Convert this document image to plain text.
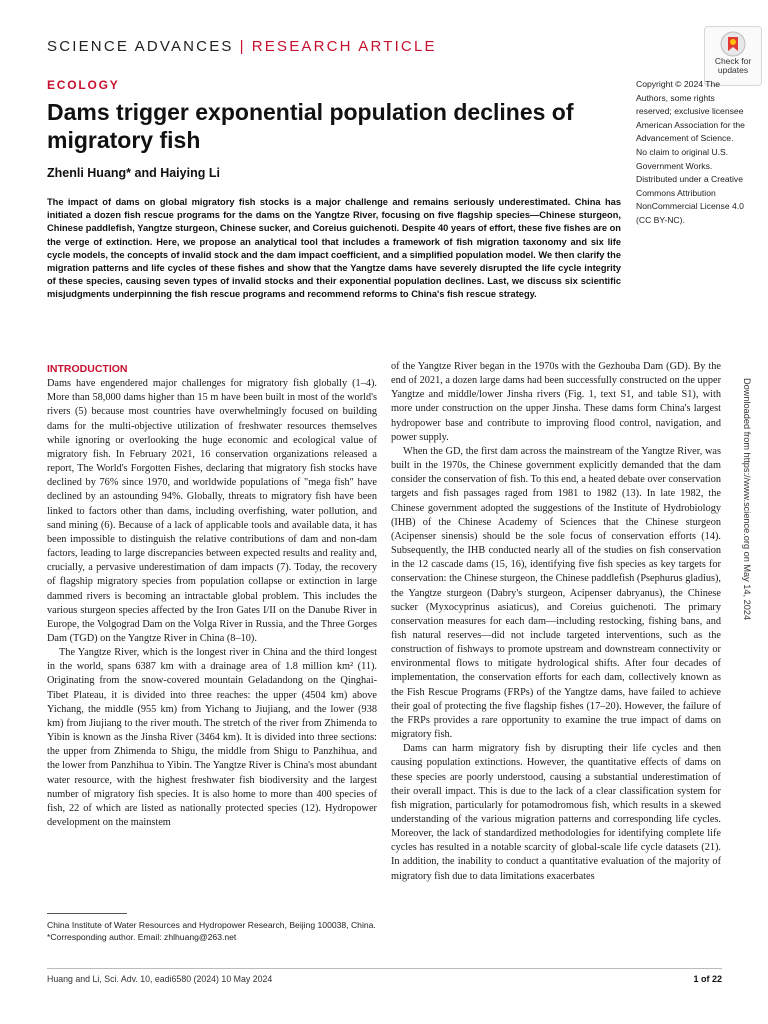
SCIENCE ADVANCES | RESEARCH ARTICLE
Check for
updates
ECOLOGY
Dams trigger exponential population declines of migratory fish
Zhenli Huang* and Haiying Li
Copyright © 2024 The Authors, some rights reserved; exclusive licensee American Association for the Advancement of Science. No claim to original U.S. Government Works. Distributed under a Creative Commons Attribution NonCommercial License 4.0 (CC BY-NC).

The impact of dams on global migratory fish stocks is a major challenge and remains seriously underestimated. China has initiated a dozen fish rescue programs for the dams on the Yangtze River, focusing on five flagship species—Chinese sturgeon, Chinese paddlefish, Yangtze sturgeon, Chinese sucker, and Coreius guichenoti. Despite 40 years of effort, these five fishes are on the verge of extinction. Here, we propose an analytical tool that includes a framework of fish migration taxonomy and six life cycle models, the concepts of invalid stock and the dam impact coefficient, and a simplified population model. We then clarify the migration patterns and life cycles of these fishes and show that the Yangtze dams have severely disrupted the life cycle integrity of these species, causing seven types of invalid stocks and their exponential population declines. Last, we discuss six scientific misjudgments underpinning the fish rescue programs and recommend reforms to China's fish rescue strategy.

INTRODUCTION

Dams have engendered major challenges for migratory fish globally (1–4). More than 58,000 dams higher than 15 m have been built in most of the world's rivers (5) because most countries have overwhelmingly focused on building dams for the multi-objective utilization of freshwater resources themselves while ignoring or overlooking the huge economic and ecological value of migratory fish. In February 2021, 16 conservation organizations released a report, The World's Forgotten Fishes, declaring that migratory fish stocks have declined by 76% since 1970, and worldwide populations of "mega fish" have declined by an astounding 94%. Globally, threats to migratory fish have been linked to factors other than dams, including overfishing, water pollution, and sand mining (6). Because of a lack of applicable tools and available data, it has been impossible to distinguish the relative contributions of dam and non-dam factors, leading to large discrepancies between expected results and reality and, crucially, a pervasive underestimation of dam impacts (7). Today, the recovery of flagship migratory species from population collapse or extinction in large dammed rivers is becoming an intractable global problem. This includes the various sturgeon species affected by the Iron Gates I/II on the Danube River in Europe, the Volgograd Dam on the Volga River in Russia, and the Three Gorges Dam (TGD) on the Yangtze River in China (8–10).

The Yangtze River, which is the longest river in China and the third longest in the world, spans 6387 km with a drainage area of 1.8 million km² (11). Originating from the snow-covered mountain Geladandong on the Qinghai-Tibet Plateau, it is divided into three reaches: the upper (4504 km) above Yichang, the middle (955 km) from Yichang to Jiujiang, and the lower (938 km) from Jiujiang to the river mouth. The stretch of the river from Zhimenda to Yibin is known as the Jinsha River (3464 km). It is divided into three sections: the upper from Zhimenda to Shigu, the middle from Shigu to Panzhihua, and the lower from Panzhihua to Yibin. The Yangtze River is China's most abundant water resource, with the highest freshwater fish biodiversity and the largest number of migratory fish species. It is also home to more than 400 species of fish, 22 of which are listed as nationally protected species (12). Hydropower development on the mainstem

of the Yangtze River began in the 1970s with the Gezhouba Dam (GD). By the end of 2021, a dozen large dams had been successfully constructed on the upper Yangtze and middle/lower Jinsha rivers (Fig. 1, text S1, and table S1), with more under construction on the upper Jinsha. These dams form China's largest hydropower base and contribute to improving flood control, navigation, and power supply.

When the GD, the first dam across the mainstream of the Yangtze River, was built in the 1970s, the Chinese government explicitly demanded that the dam consider the conservation of fish. To this end, a heated debate over conservation targets and fish passages raged from 1981 to 1982 (13). In late 1982, the Chinese government adopted the suggestions of the Institute of Hydrobiology (IHB) of the Chinese Academy of Sciences that the Chinese sturgeon (Acipenser sinensis) should be the sole focus of conservation efforts (14). Subsequently, the IHB conducted nearly all of the studies on fish conservation in the 12 cascade dams (15, 16), identifying five fish species as key targets for conservation: the Chinese sturgeon, the Chinese paddlefish (Psephurus gladius), the Yangtze sturgeon (Dabry's sturgeon, Acipenser dabryanus), the Chinese sucker (Myxocyprinus asiaticus), and Coreius guichenoti. The primary conservation measures for each dam—including restocking, fishing bans, and fish natural reserves—did not include targeted interventions, such as the construction of fishways to promote upstream and downstream connectivity or environmental flows to mitigate hydrological shifts. After four decades of implementation, the conservation efforts for each dam, collectively known as the Fish Rescue Programs (FRPs) of the Yangtze dams, have failed to achieve their goal of protecting the five flagship fishes (17–20). However, the failure of the FRPs provides a rare opportunity to examine the true impact of dams on migratory fish.

Dams can harm migratory fish by disrupting their life cycles and then causing population extinctions. However, the quantitative effects of dams on these species are poorly understood, causing a substantial underestimation of their overall impact. This is due to the lack of a clear classification system for fish migration, particularly for potamodromous fish, which results in a skewed understanding of the various migration patterns and corresponding life cycles. Moreover, the lack of standardized methodologies for identifying complete life cycles has resulted in a notable scarcity of global-scale life cycle datasets (21). In addition, the inability to conduct a quantitative evaluation of the majority of migratory fish due to data limitations exacerbates

Downloaded from https://www.science.org on May 14, 2024
China Institute of Water Resources and Hydropower Research, Beijing 100038, China.
*Corresponding author. Email: zhlhuang@263.net
Huang and Li, Sci. Adv. 10, eadi6580 (2024) 10 May 2024	1 of 22
